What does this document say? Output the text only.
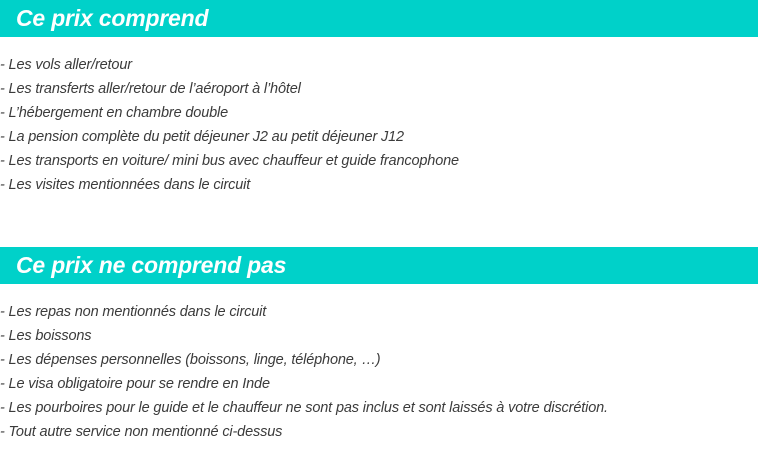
Ce prix comprend
- Les vols aller/retour
- Les transferts aller/retour de l’aéroport à l’hôtel
- L’hébergement en chambre double
- La pension complète du petit déjeuner J2 au petit déjeuner J12
- Les transports en voiture/ mini bus avec chauffeur et guide francophone
- Les visites mentionnées dans le circuit
Ce prix ne comprend pas
- Les repas non mentionnés dans le circuit
- Les boissons
- Les dépenses personnelles (boissons, linge, téléphone, …)
- Le visa obligatoire pour se rendre en Inde
- Les pourboires pour le guide et le chauffeur ne sont pas inclus et sont laissés à votre discrétion.
- Tout autre service non mentionné ci-dessus
